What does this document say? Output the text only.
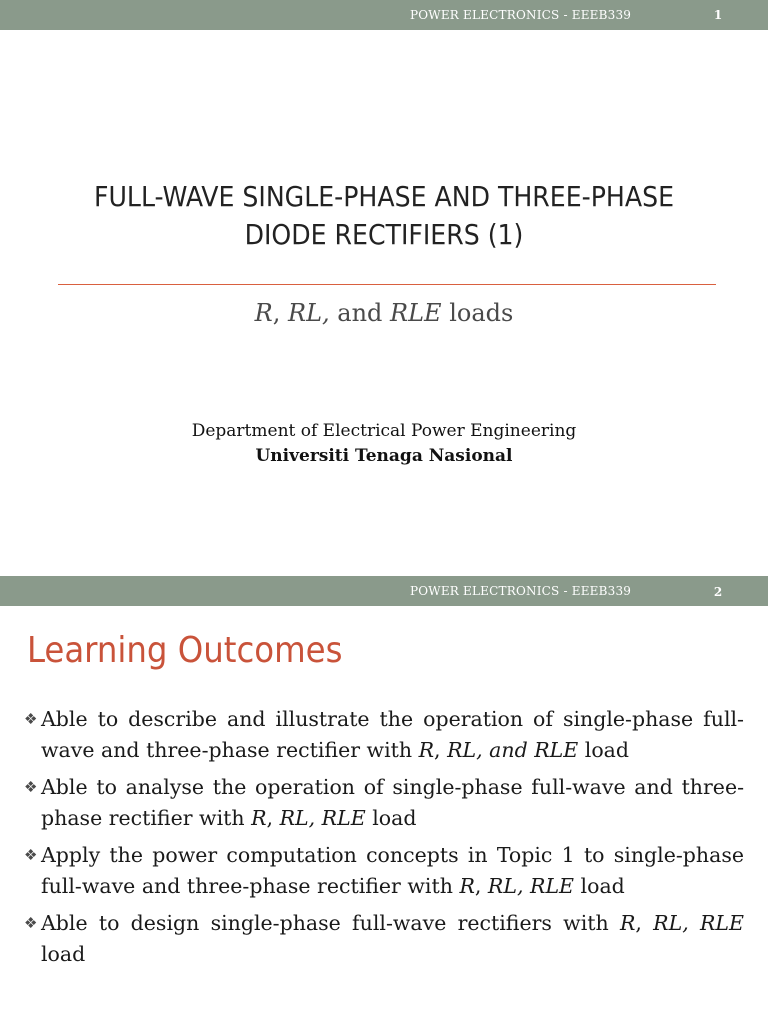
POWER ELECTRONICS - EEEB339	1
FULL-WAVE SINGLE-PHASE AND THREE-PHASE
DIODE RECTIFIERS (1)
R, RL, and RLE loads
Department of Electrical Power Engineering
Universiti Tenaga Nasional
POWER ELECTRONICS - EEEB339	2
Learning Outcomes
❖ Able to describe and illustrate the operation of single-phase full-wave and three-phase rectifier with R, RL, and RLE load
❖ Able to analyse the operation of single-phase full-wave and three-phase rectifier with R, RL, RLE load
❖ Apply the power computation concepts in Topic 1 to single-phase full-wave and three-phase rectifier with R, RL, RLE load
❖ Able to design single-phase full-wave rectifiers with R, RL, RLE load
